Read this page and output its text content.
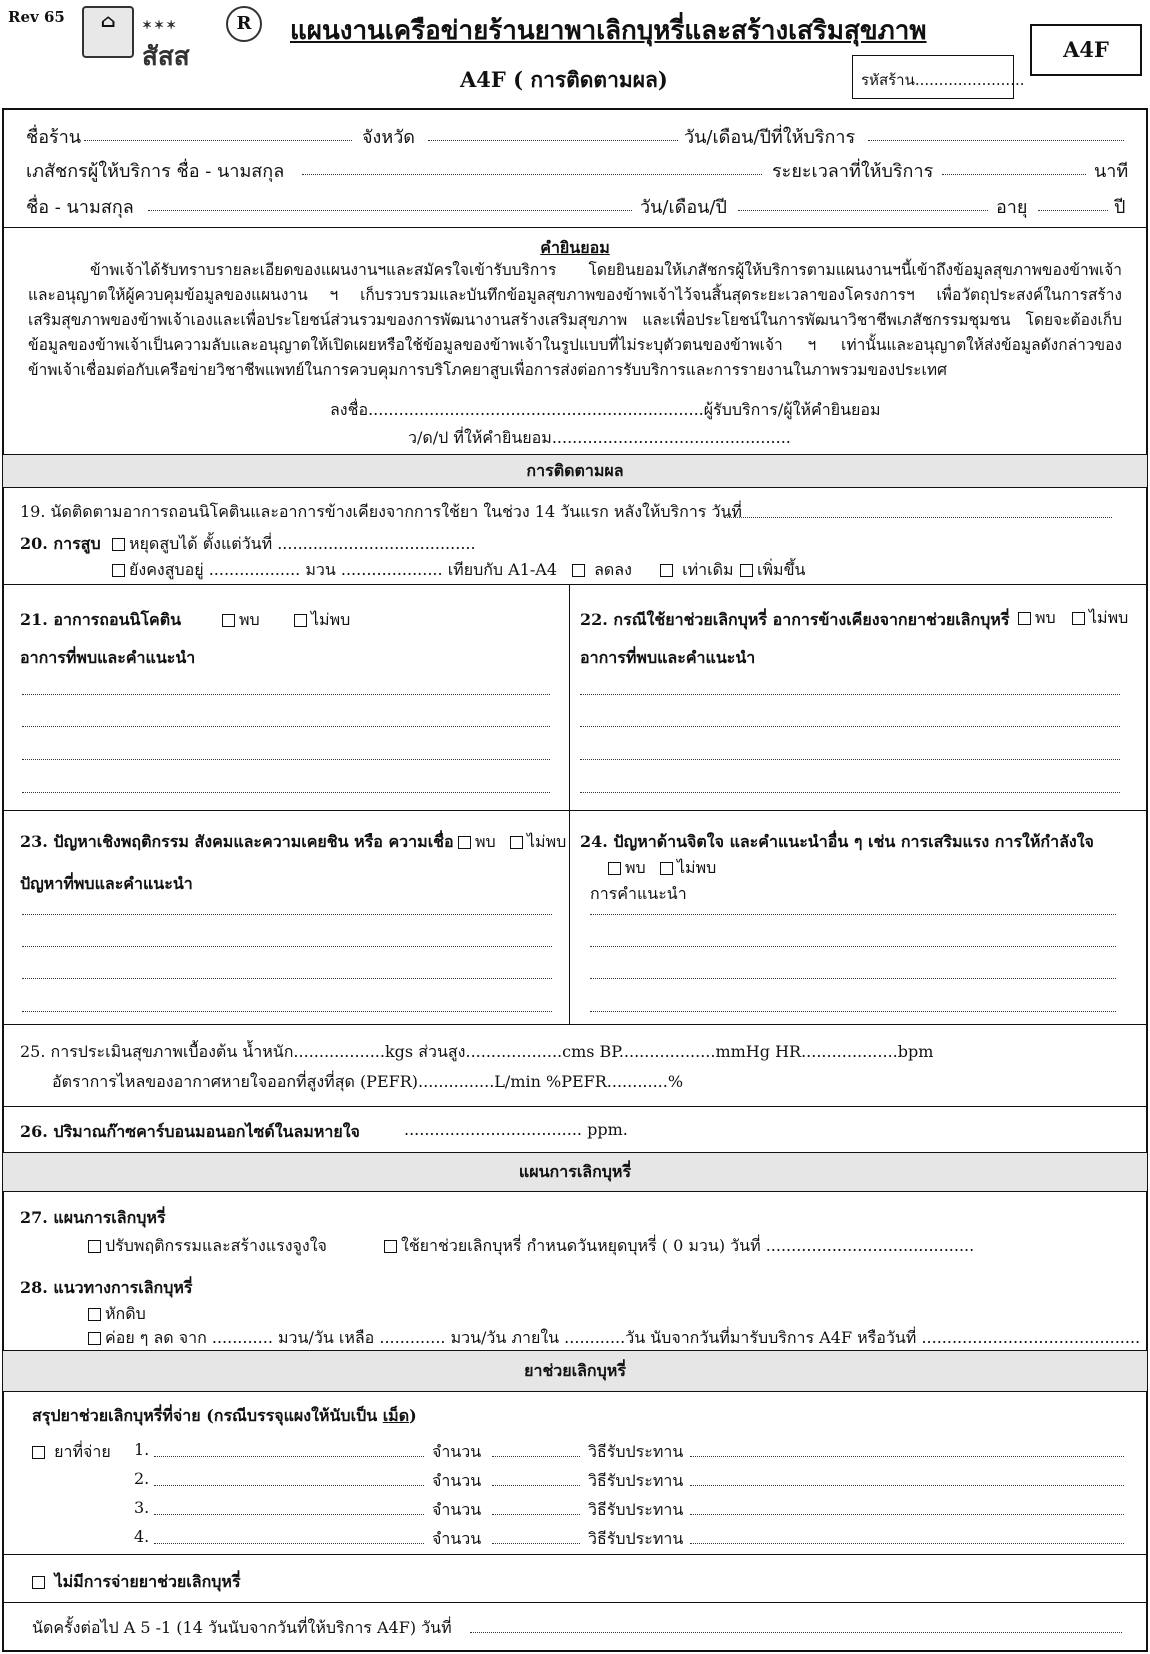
Rev 65	⌂	✶✶✶
สัสส
R	แผนงานเครือข่ายร้านยาพาเลิกบุหรี่และสร้างเสริมสุขภาพ
A4F ( การติดตามผล)	รหัสร้าน.......................
A4F
ชื่อร้าน	จังหวัด	วัน/เดือน/ปีที่ให้บริการ
เภสัชกรผู้ให้บริการ ชื่อ - นามสกุล	ระยะเวลาที่ให้บริการ	นาที
ชื่อ - นามสกุล	วัน/เดือน/ปี	อายุ	ปี
คำยินยอม
ข้าพเจ้าได้รับทราบรายละเอียดของแผนงานฯและสมัครใจเข้ารับบริการ โดยยินยอมให้เภสัชกรผู้ให้บริการตามแผนงานฯนี้เข้าถึงข้อมูลสุขภาพของข้าพเจ้า และอนุญาตให้ผู้ควบคุมข้อมูลของแผนงาน ฯ เก็บรวบรวมและบันทึกข้อมูลสุขภาพของข้าพเจ้าไว้จนสิ้นสุดระยะเวลาของโครงการฯ เพื่อวัตถุประสงค์ในการสร้างเสริมสุขภาพของข้าพเจ้าเองและเพื่อประโยชน์ส่วนรวมของการพัฒนางานสร้างเสริมสุขภาพ และเพื่อประโยชน์ในการพัฒนาวิชาชีพเภสัชกรรมชุมชน โดยจะต้องเก็บข้อมูลของข้าพเจ้าเป็นความลับและอนุญาตให้เปิดเผยหรือใช้ข้อมูลของข้าพเจ้าในรูปแบบที่ไม่ระบุตัวตนของข้าพเจ้า ฯ เท่านั้นและอนุญาตให้ส่งข้อมูลดังกล่าวของข้าพเจ้าเชื่อมต่อกับเครือข่ายวิชาชีพแพทย์ในการควบคุมการบริโภคยาสูบเพื่อการส่งต่อการรับบริการและการรายงานในภาพรวมของประเทศ
ลงชื่อ..................................................................ผู้รับบริการ/ผู้ให้คำยินยอม
ว/ด/ป ที่ให้คำยินยอม...............................................
การติดตามผล
19. นัดติดตามอาการถอนนิโคตินและอาการข้างเคียงจากการใช้ยา ในช่วง 14 วันแรก หลังให้บริการ วันที่
20. การสูบ	หยุดสูบได้ ตั้งแต่วันที่ .......................................
ยังคงสูบอยู่ .................. มวน .................... เทียบกับ A1-A4	ลดลง	เท่าเดิม	เพิ่มขึ้น
21. อาการถอนนิโคติน	พบ	ไม่พบ
อาการที่พบและคำแนะนำ
22. กรณีใช้ยาช่วยเลิกบุหรี่ อาการข้างเคียงจากยาช่วยเลิกบุหรี่	พบ	ไม่พบ
อาการที่พบและคำแนะนำ
23. ปัญหาเชิงพฤติกรรม สังคมและความเคยชิน หรือ ความเชื่อ	พบ	ไม่พบ
ปัญหาที่พบและคำแนะนำ
24. ปัญหาด้านจิตใจ และคำแนะนำอื่น ๆ เช่น การเสริมแรง การให้กำลังใจ
พบ	ไม่พบ
การคำแนะนำ
25. การประเมินสุขภาพเบื้องต้น น้ำหนัก..................kgs ส่วนสูง...................cms BP...................mmHg HR...................bpm
อัตราการไหลของอากาศหายใจออกที่สูงที่สุด (PEFR)...............L/min %PEFR............%
26. ปริมาณก๊าซคาร์บอนมอนอกไซด์ในลมหายใจ	................................... ppm.
แผนการเลิกบุหรี่
27. แผนการเลิกบุหรี่
ปรับพฤติกรรมและสร้างแรงจูงใจ	ใช้ยาช่วยเลิกบุหรี่ กำหนดวันหยุดบุหรี่ ( 0 มวน) วันที่ .........................................
28. แนวทางการเลิกบุหรี่
หักดิบ
ค่อย ๆ ลด จาก ............ มวน/วัน เหลือ ............. มวน/วัน ภายใน ............วัน นับจากวันที่มารับบริการ A4F หรือวันที่ ...........................................
ยาช่วยเลิกบุหรี่
สรุปยาช่วยเลิกบุหรี่ที่จ่าย (กรณีบรรจุแผงให้นับเป็น เม็ด)
ยาที่จ่าย 1.	จำนวน	วิธีรับประทาน
2.	จำนวน	วิธีรับประทาน
3.	จำนวน	วิธีรับประทาน
4.	จำนวน	วิธีรับประทาน
ไม่มีการจ่ายยาช่วยเลิกบุหรี่
นัดครั้งต่อไป A 5 -1 (14 วันนับจากวันที่ให้บริการ A4F) วันที่
